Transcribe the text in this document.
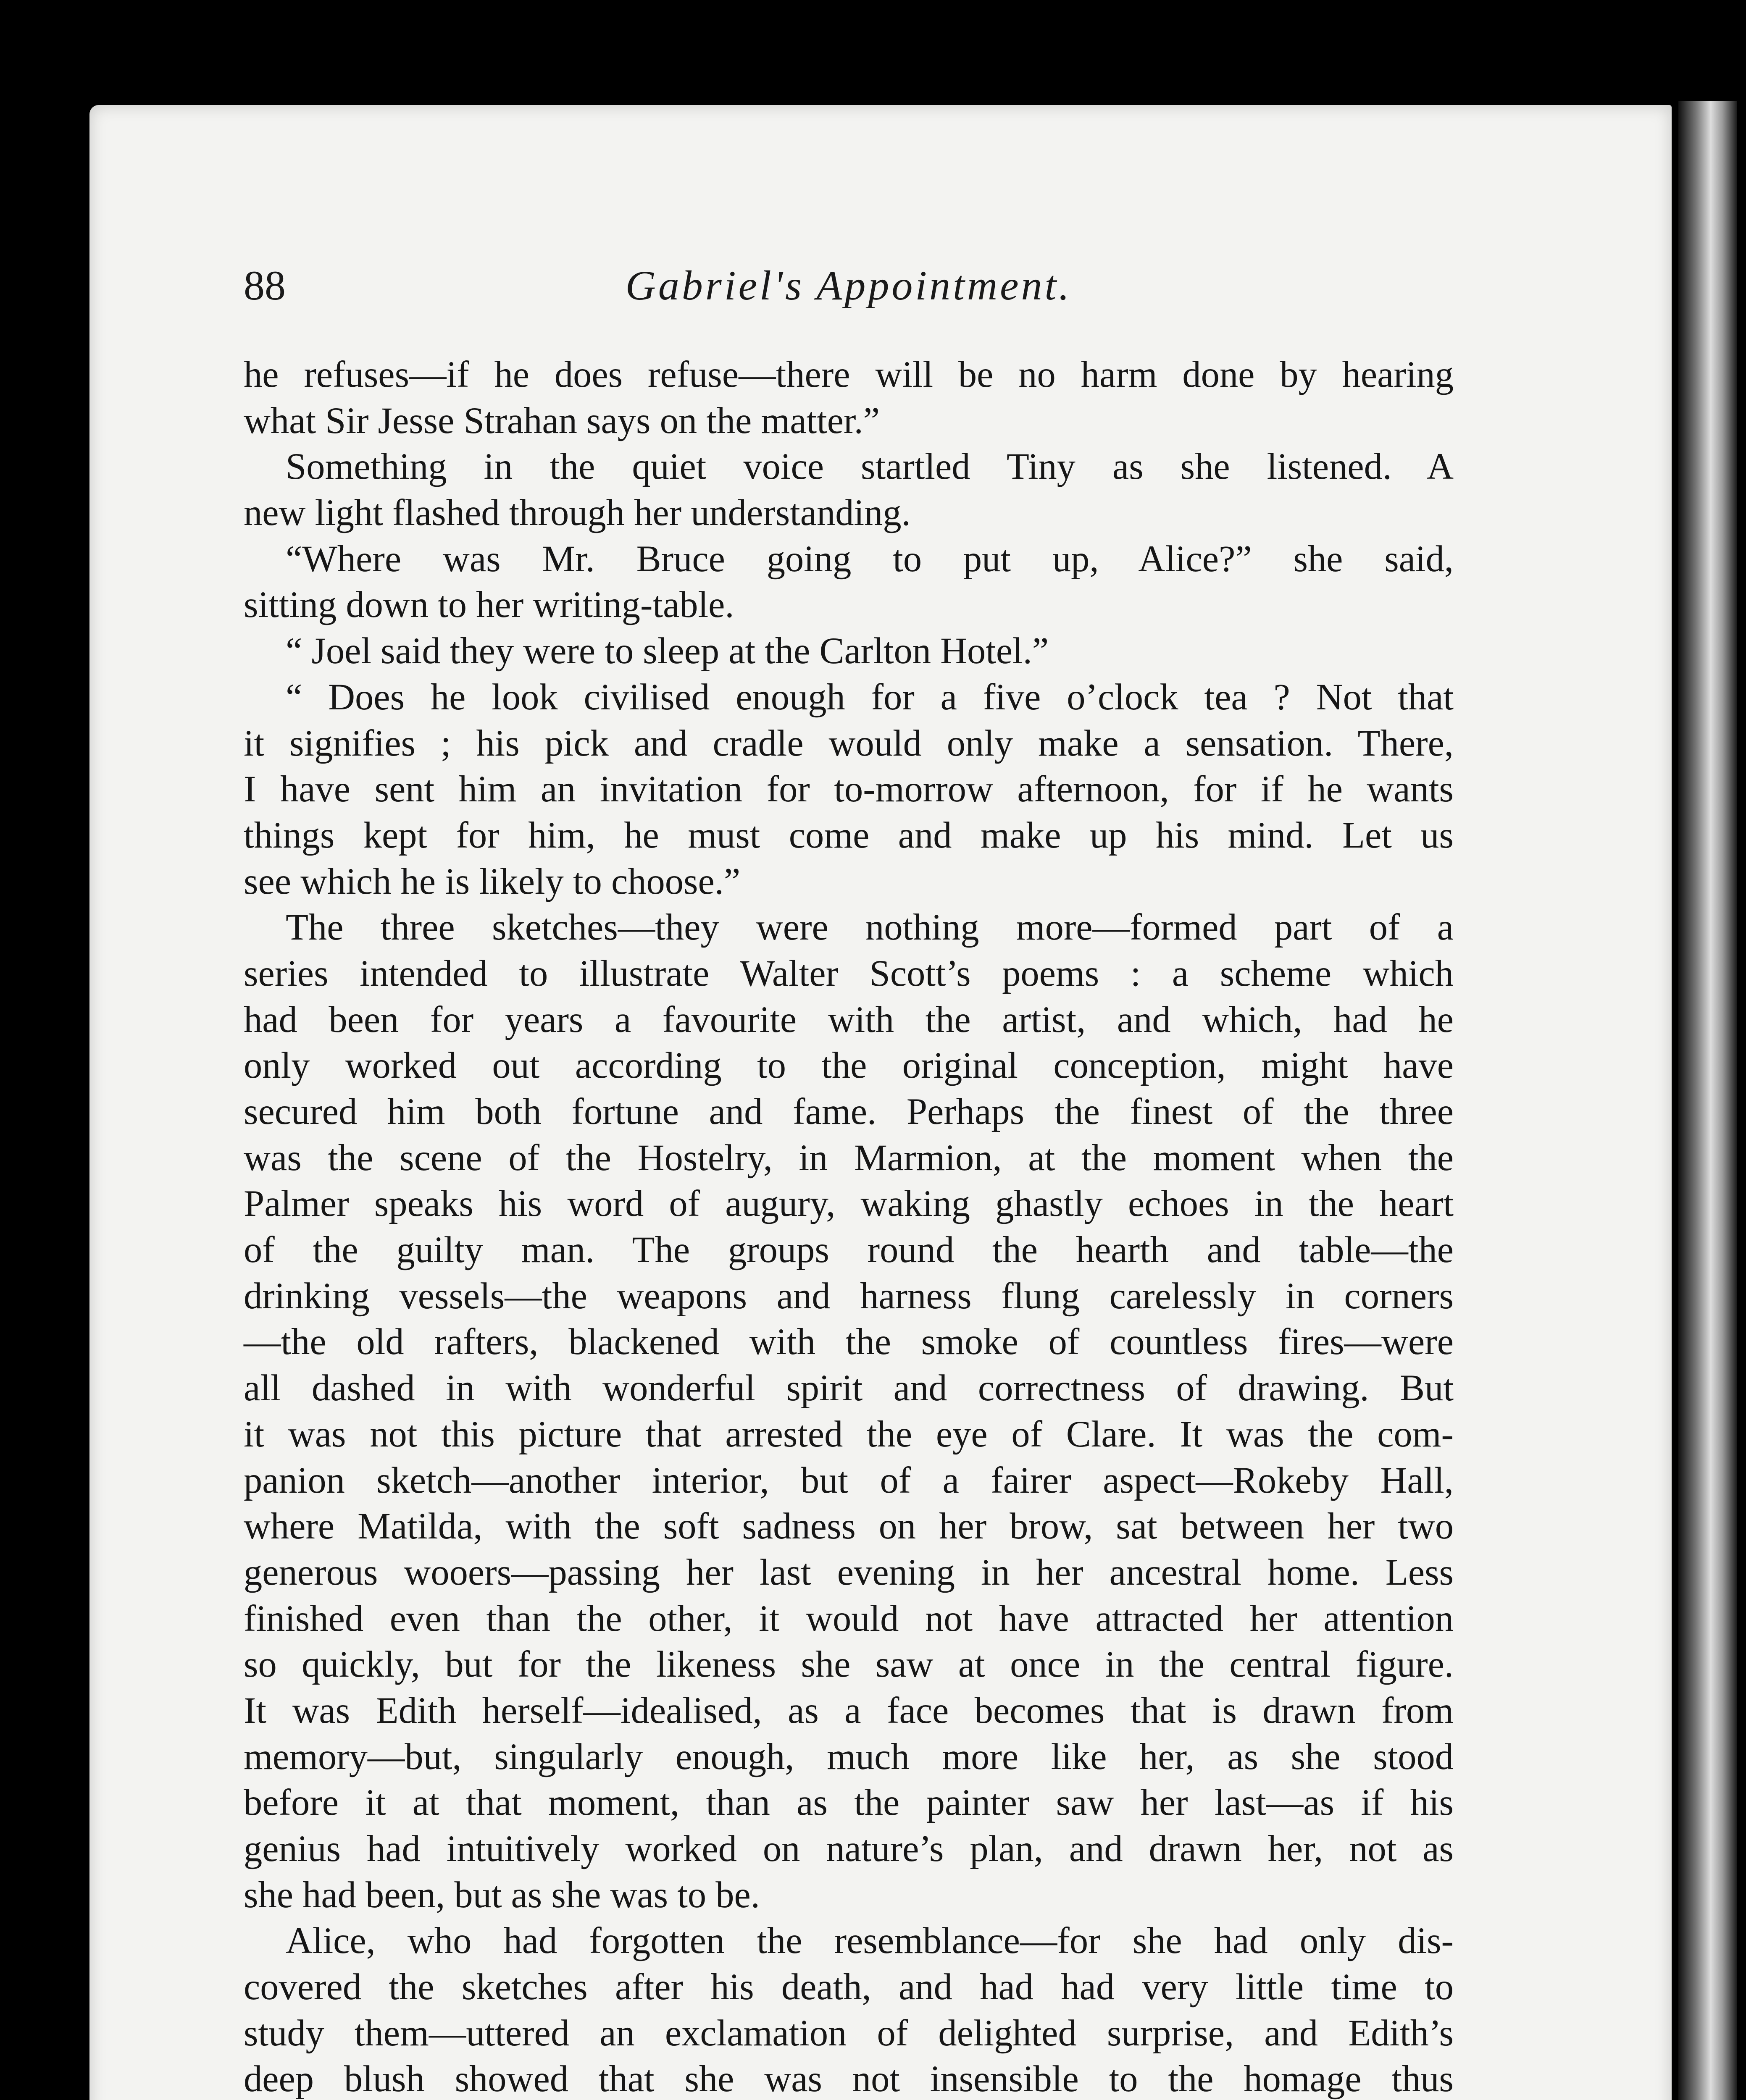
88	Gabriel's Appointment.
he refuses—if he does refuse—there will be no harm done by hearing
what Sir Jesse Strahan says on the matter.”
Something in the quiet voice startled Tiny as she listened. A
new light flashed through her understanding.
“Where was Mr. Bruce going to put up, Alice?” she said,
sitting down to her writing-table.
“ Joel said they were to sleep at the Carlton Hotel.”
“ Does he look civilised enough for a five o’clock tea ? Not that
it signifies ; his pick and cradle would only make a sensation. There,
I have sent him an invitation for to-morrow afternoon, for if he wants
things kept for him, he must come and make up his mind. Let us
see which he is likely to choose.”
The three sketches—they were nothing more—formed part of a
series intended to illustrate Walter Scott’s poems : a scheme which
had been for years a favourite with the artist, and which, had he
only worked out according to the original conception, might have
secured him both fortune and fame. Perhaps the finest of the three
was the scene of the Hostelry, in Marmion, at the moment when the
Palmer speaks his word of augury, waking ghastly echoes in the heart
of the guilty man. The groups round the hearth and table—the
drinking vessels—the weapons and harness flung carelessly in corners
—the old rafters, blackened with the smoke of countless fires—were
all dashed in with wonderful spirit and correctness of drawing. But
it was not this picture that arrested the eye of Clare. It was the com-
panion sketch—another interior, but of a fairer aspect—Rokeby Hall,
where Matilda, with the soft sadness on her brow, sat between her two
generous wooers—passing her last evening in her ancestral home. Less
finished even than the other, it would not have attracted her attention
so quickly, but for the likeness she saw at once in the central figure.
It was Edith herself—idealised, as a face becomes that is drawn from
memory—but, singularly enough, much more like her, as she stood
before it at that moment, than as the painter saw her last—as if his
genius had intuitively worked on nature’s plan, and drawn her, not as
she had been, but as she was to be.
Alice, who had forgotten the resemblance—for she had only dis-
covered the sketches after his death, and had had very little time to
study them—uttered an exclamation of delighted surprise, and Edith’s
deep blush showed that she was not insensible to the homage thus
